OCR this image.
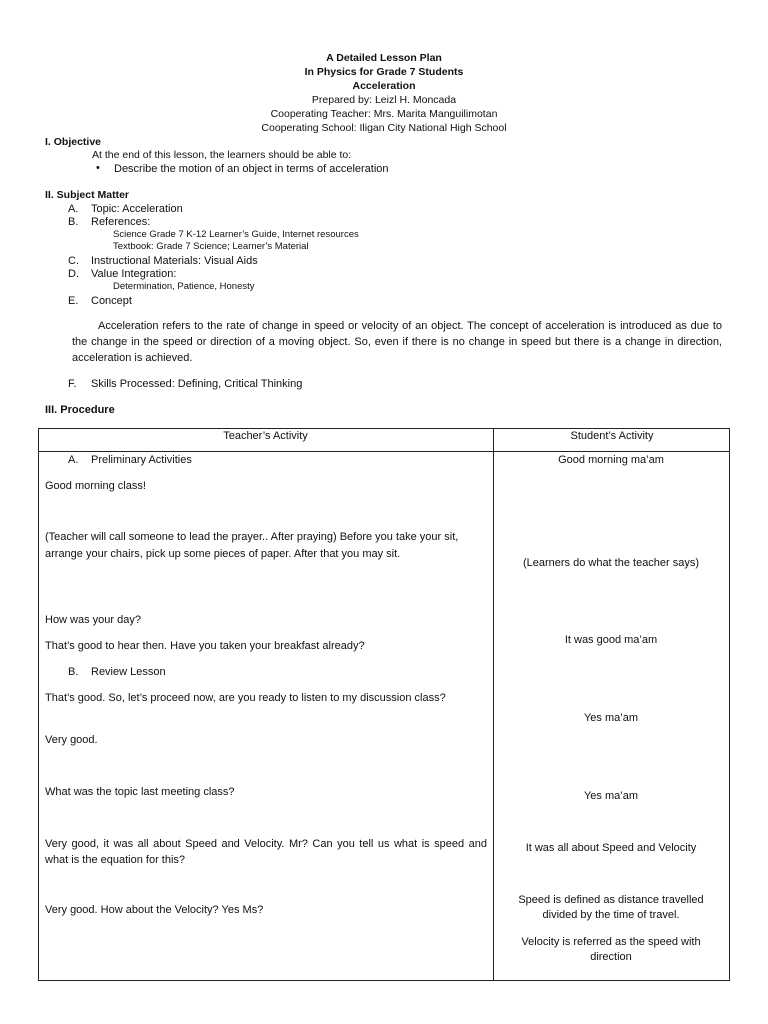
A Detailed Lesson Plan
In Physics for Grade 7 Students
Acceleration
Prepared by: Leizl H. Moncada
Cooperating Teacher: Mrs. Marita Manguilimotan
Cooperating School: Iligan City National High School
I. Objective
At the end of this lesson, the learners should be able to:
• Describe the motion of an object in terms of acceleration
II. Subject Matter
A. Topic: Acceleration
B. References:
Science Grade 7 K-12 Learner’s Guide, Internet resources
Textbook: Grade 7 Science; Learner’s Material
C. Instructional Materials: Visual Aids
D. Value Integration:
Determination, Patience, Honesty
E. Concept
Acceleration refers to the rate of change in speed or velocity of an object. The concept of acceleration is introduced as due to the change in the speed or direction of a moving object. So, even if there is no change in speed but there is a change in direction, acceleration is achieved.
F. Skills Processed: Defining, Critical Thinking
III. Procedure
Teacher’s Activity	Student’s Activity
A. Preliminary Activities
Good morning class!
(Teacher will call someone to lead the prayer.. After praying) Before you take your sit, arrange your chairs, pick up some pieces of paper. After that you may sit.
How was your day?
That’s good to hear then. Have you taken your breakfast already?
B. Review Lesson
That’s good. So, let’s proceed now, are you ready to listen to my discussion class?
Very good.
What was the topic last meeting class?
Very good, it was all about Speed and Velocity. Mr? Can you tell us what is speed and what is the equation for this?
Very good. How about the Velocity? Yes Ms?
Good morning ma’am
(Learners do what the teacher says)
It was good ma’am
Yes ma’am
Yes ma’am
It was all about Speed and Velocity
Speed is defined as distance travelled divided by the time of travel.
Velocity is referred as the speed with direction
